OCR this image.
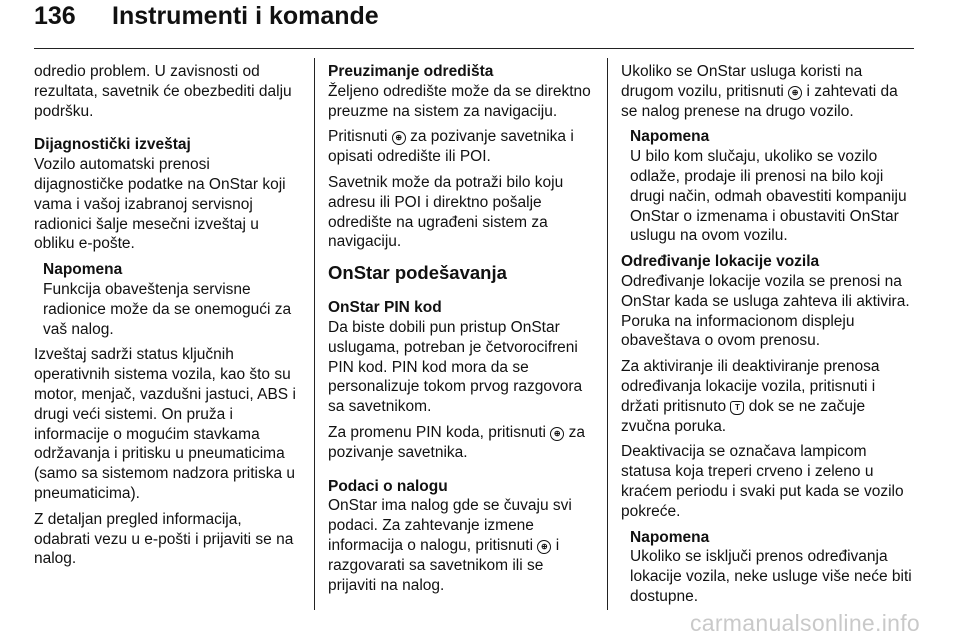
136 Instrumenti i komande

odredio problem. U zavisnosti od rezultata, savetnik će obezbediti dalju podršku.

Dijagnostički izveštaj

Vozilo automatski prenosi dijagnostičke podatke na OnStar koji vama i vašoj izabranoj servisnoj radionici šalje mesečni izveštaj u obliku e-pošte.

Napomena

Funkcija obaveštenja servisne radionice može da se onemogući za vaš nalog.

Izveštaj sadrži status ključnih operativnih sistema vozila, kao što su motor, menjač, vazdušni jastuci, ABS i drugi veći sistemi. On pruža i informacije o mogućim stavkama održavanja i pritisku u pneumaticima (samo sa sistemom nadzora pritiska u pneumaticima).

Z detaljan pregled informacija, odabrati vezu u e-pošti i prijaviti se na nalog.

Preuzimanje odredišta

Željeno odredište može da se direktno preuzme na sistem za navigaciju.

Pritisnuti ⊕ za pozivanje savetnika i opisati odredište ili POI.

Savetnik može da potraži bilo koju adresu ili POI i direktno pošalje odredište na ugrađeni sistem za navigaciju.

OnStar podešavanja
OnStar PIN kod

Da biste dobili pun pristup OnStar uslugama, potreban je četvorocifreni PIN kod. PIN kod mora da se personalizuje tokom prvog razgovora sa savetnikom.

Za promenu PIN koda, pritisnuti ⊕ za pozivanje savetnika.

Podaci o nalogu

OnStar ima nalog gde se čuvaju svi podaci. Za zahtevanje izmene informacija o nalogu, pritisnuti ⊕ i razgovarati sa savetnikom ili se prijaviti na nalog.

Ukoliko se OnStar usluga koristi na drugom vozilu, pritisnuti ⊕ i zahtevati da se nalog prenese na drugo vozilo.

Napomena

U bilo kom slučaju, ukoliko se vozilo odlaže, prodaje ili prenosi na bilo koji drugi način, odmah obavestiti kompaniju OnStar o izmenama i obustaviti OnStar uslugu na ovom vozilu.

Određivanje lokacije vozila

Određivanje lokacije vozila se prenosi na OnStar kada se usluga zahteva ili aktivira. Poruka na informacionom displeju obaveštava o ovom prenosu.

Za aktiviranje ili deaktiviranje prenosa određivanja lokacije vozila, pritisnuti i držati pritisnuto T dok se ne začuje zvučna poruka.

Deaktivacija se označava lampicom statusa koja treperi crveno i zeleno u kraćem periodu i svaki put kada se vozilo pokreće.

Napomena

Ukoliko se isključi prenos određivanja lokacije vozila, neke usluge više neće biti dostupne.

carmanualsonline.info
